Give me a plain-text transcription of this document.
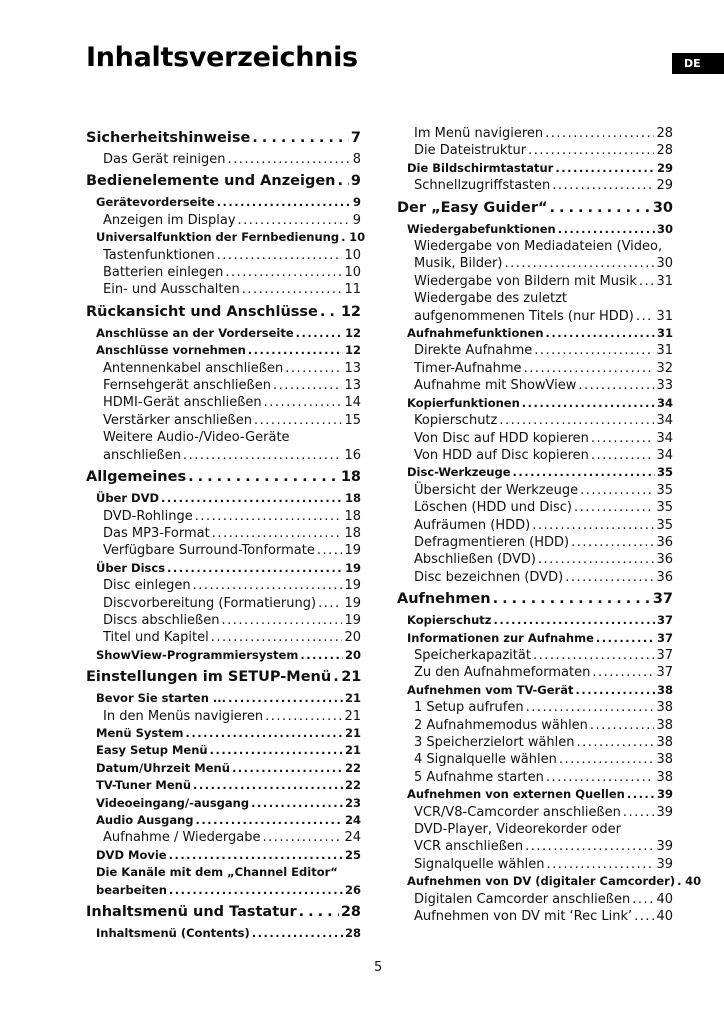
Inhaltsverzeichnis	DE
Sicherheitshinweise .....	7
Das Gerät reinigen .....	8
Bedienelemente und Anzeigen ..... 9
Gerätevorderseite .....	9
Anzeigen im Display .....	9
Universalfunktion der Fernbedienung ..... 10
Tastenfunktionen .....	10
Batterien einlegen .....	10
Ein- und Ausschalten .....	11
Rückansicht und Anschlüsse ..... 12
Anschlüsse an der Vorderseite .....	12
Anschlüsse vornehmen .....	12
Antennenkabel anschließen .....	13
Fernsehgerät anschließen .....	13
HDMI-Gerät anschließen .....	14
Verstärker anschließen .....	15
Weitere Audio-/Video-Geräte
anschließen .....	16
Allgemeines .....	18
Über DVD .....	18
DVD-Rohlinge .....	18
Das MP3-Format .....	18
Verfügbare Surround-Tonformate ..... 19
Über Discs .....	19
Disc einlegen .....	19
Discvorbereitung (Formatierung) ..... 19
Discs abschließen .....	19
Titel und Kapitel .....	20
ShowView-Programmiersystem .....	20
Einstellungen im SETUP-Menü ..... 21
Bevor Sie starten ... .....	21
In den Menüs navigieren .....	21
Menü System .....	21
Easy Setup Menü .....	21
Datum/Uhrzeit Menü .....	22
TV-Tuner Menü .....	22
Videoeingang/-ausgang .....	23
Audio Ausgang .....	24
Aufnahme / Wiedergabe .....	24
DVD Movie .....	25
Die Kanäle mit dem „Channel Editor“
bearbeiten .....	26
Inhaltsmenü und Tastatur .....	28
Inhaltsmenü (Contents) .....	28
Im Menü navigieren .....	28
Die Dateistruktur .....	28
Die Bildschirmtastatur .....	29
Schnellzugriffstasten .....	29
Der „Easy Guider“ .....	30
Wiedergabefunktionen .....	30
Wiedergabe von Mediadateien (Video,
Musik, Bilder) .....	30
Wiedergabe von Bildern mit Musik ..... 31
Wiedergabe des zuletzt
aufgenommenen Titels (nur HDD) ..... 31
Aufnahmefunktionen .....	31
Direkte Aufnahme .....	31
Timer-Aufnahme .....	32
Aufnahme mit ShowView .....	33
Kopierfunktionen .....	34
Kopierschutz .....	34
Von Disc auf HDD kopieren .....	34
Von HDD auf Disc kopieren .....	34
Disc-Werkzeuge .....	35
Übersicht der Werkzeuge .....	35
Löschen (HDD und Disc) .....	35
Aufräumen (HDD) .....	35
Defragmentieren (HDD) .....	36
Abschließen (DVD) .....	36
Disc bezeichnen (DVD) .....	36
Aufnehmen .....	37
Kopierschutz .....	37
Informationen zur Aufnahme .....	37
Speicherkapazität .....	37
Zu den Aufnahmeformaten .....	37
Aufnehmen vom TV-Gerät .....	38
1 Setup aufrufen .....	38
2 Aufnahmemodus wählen .....	38
3 Speicherzielort wählen .....	38
4 Signalquelle wählen .....	38
5 Aufnahme starten .....	38
Aufnehmen von externen Quellen .....	39
VCR/V8-Camcorder anschließen .....	39
DVD-Player, Videorekorder oder
VCR anschließen .....	39
Signalquelle wählen .....	39
Aufnehmen von DV (digitaler Camcorder) ..... 40
Digitalen Camcorder anschließen ..... 40
Aufnehmen von DV mit ‘Rec Link’ ..... 40
5
